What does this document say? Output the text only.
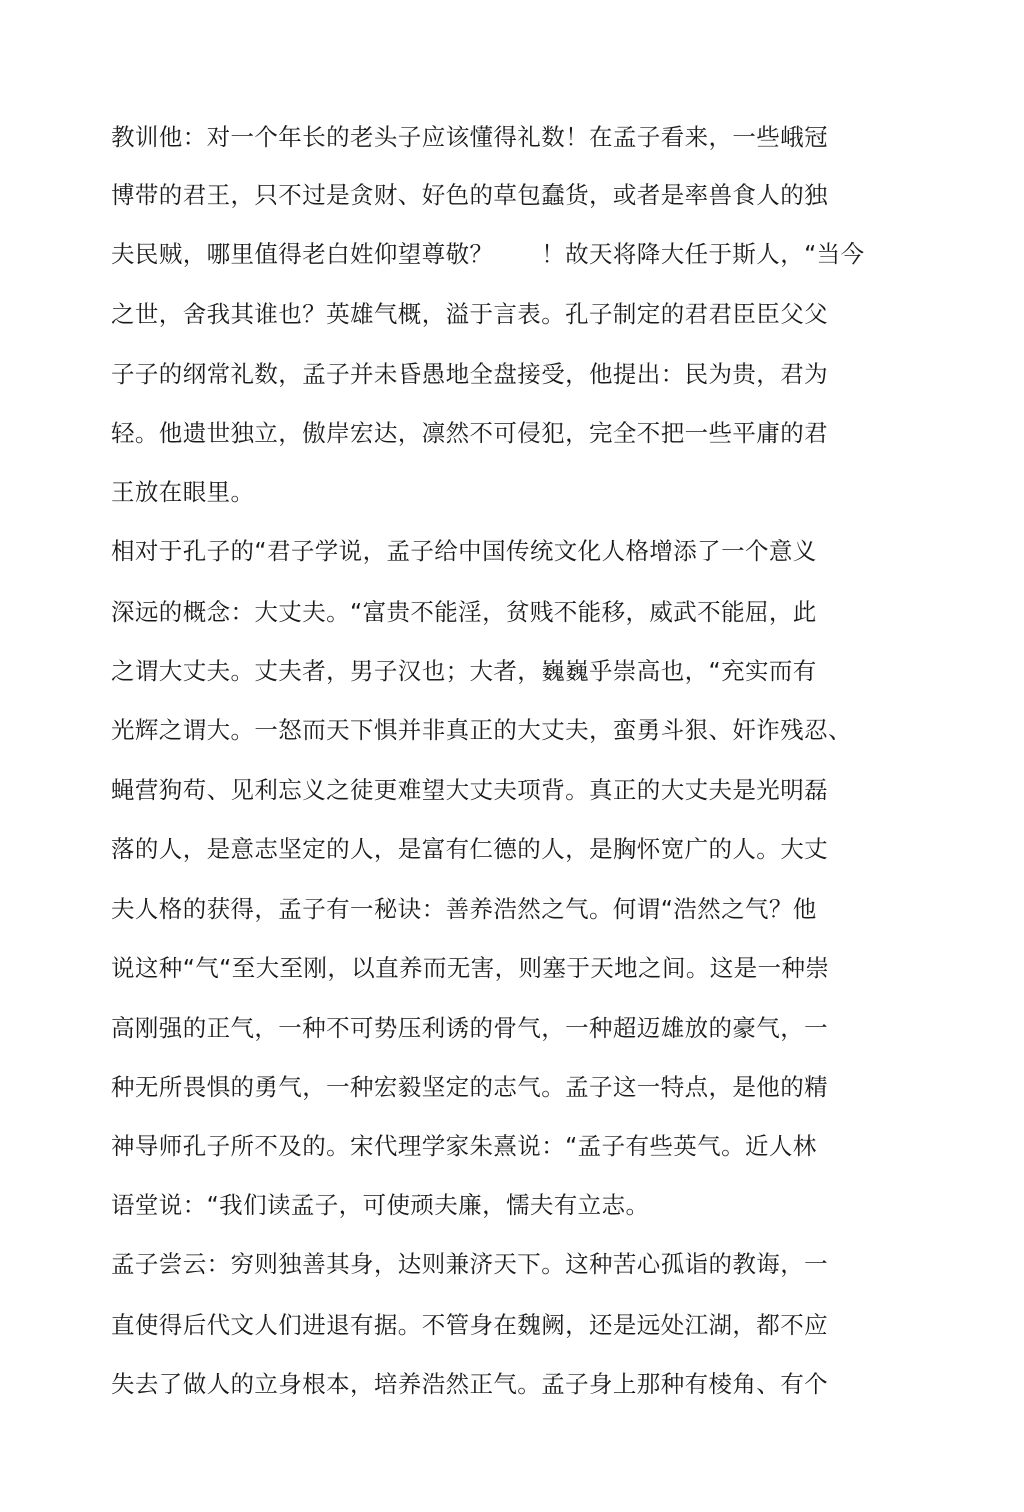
教训他：对一个年长的老头子应该懂得礼数！在孟子看来，一些峨冠
博带的君王，只不过是贪财、好色的草包蠢货，或者是率兽食人的独
夫民贼，哪里值得老白姓仰望尊敬？　　！故天将降大任于斯人，“当今
之世，舍我其谁也？英雄气概，溢于言表。孔子制定的君君臣臣父父
子子的纲常礼数，孟子并未昏愚地全盘接受，他提出：民为贵，君为
轻。他遗世独立，傲岸宏达，凛然不可侵犯，完全不把一些平庸的君
王放在眼里。
相对于孔子的“君子学说，孟子给中国传统文化人格增添了一个意义
深远的概念：大丈夫。“富贵不能淫，贫贱不能移，威武不能屈，此
之谓大丈夫。丈夫者，男子汉也；大者，巍巍乎崇高也，“充实而有
光辉之谓大。一怒而天下惧并非真正的大丈夫，蛮勇斗狠、奸诈残忍、
蝇营狗苟、见利忘义之徒更难望大丈夫项背。真正的大丈夫是光明磊
落的人，是意志坚定的人，是富有仁德的人，是胸怀宽广的人。大丈
夫人格的获得，孟子有一秘诀：善养浩然之气。何谓“浩然之气？他
说这种“气“至大至刚，以直养而无害，则塞于天地之间。这是一种崇
高刚强的正气，一种不可势压利诱的骨气，一种超迈雄放的豪气，一
种无所畏惧的勇气，一种宏毅坚定的志气。孟子这一特点，是他的精
神导师孔子所不及的。宋代理学家朱熹说：“孟子有些英气。近人林
语堂说：“我们读孟子，可使顽夫廉，懦夫有立志。
孟子尝云：穷则独善其身，达则兼济天下。这种苦心孤诣的教诲，一
直使得后代文人们进退有据。不管身在魏阙，还是远处江湖，都不应
失去了做人的立身根本，培养浩然正气。孟子身上那种有棱角、有个
